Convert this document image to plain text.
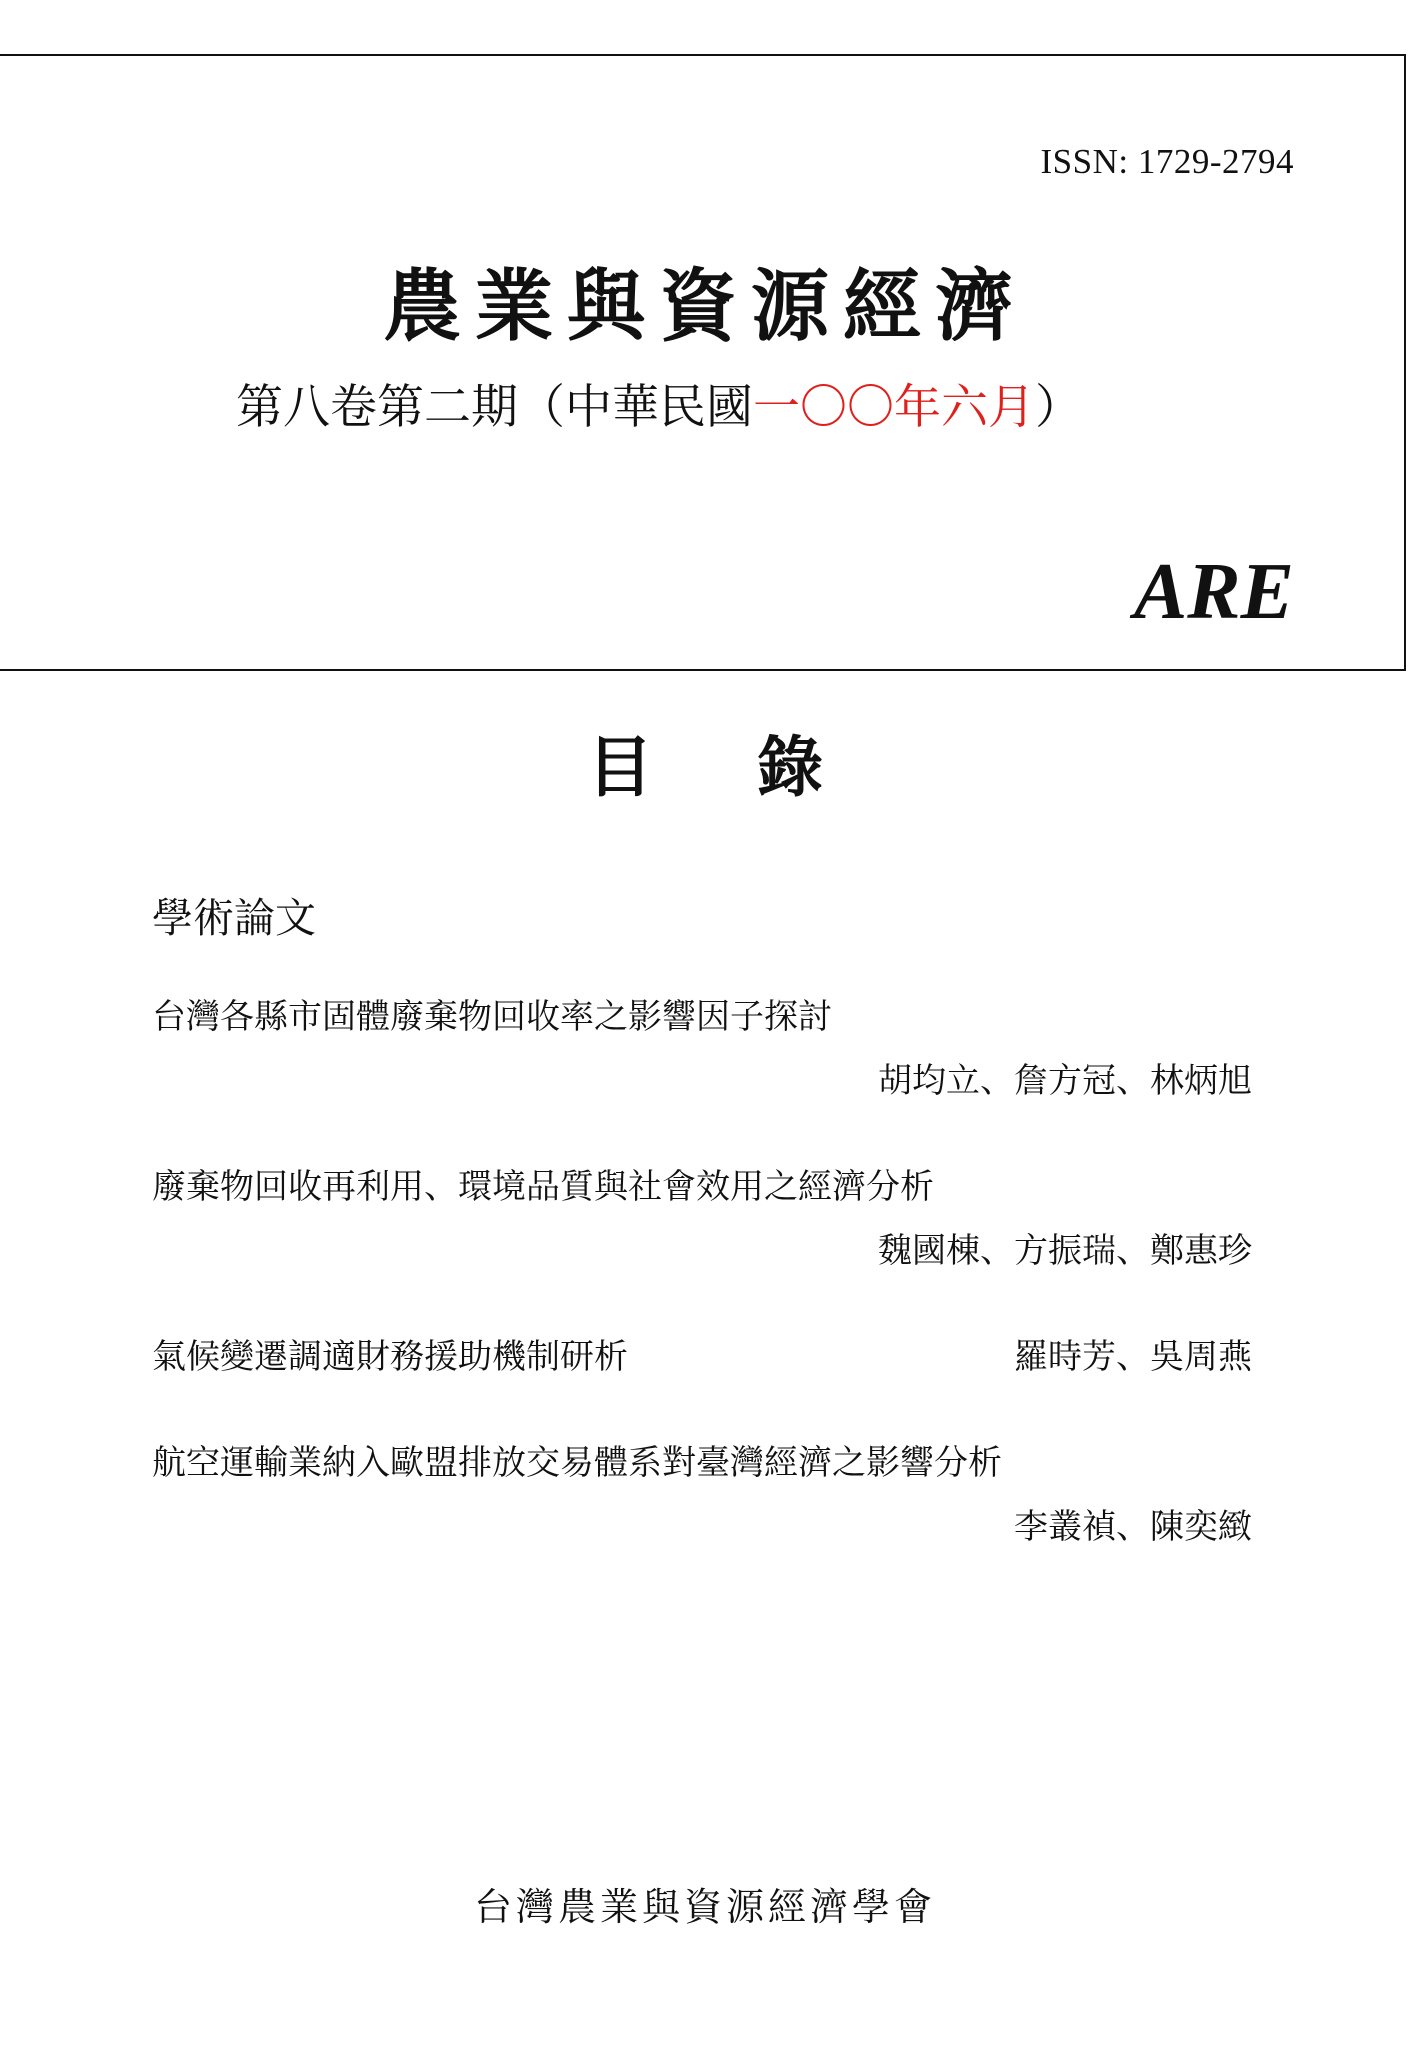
ISSN: 1729-2794
農業與資源經濟
第八卷第二期（中華民國一〇〇年六月）
ARE
目 錄
學術論文
台灣各縣市固體廢棄物回收率之影響因子探討
胡均立、詹方冠、林炳旭
廢棄物回收再利用、環境品質與社會效用之經濟分析
魏國棟、方振瑞、鄭惠珍
氣候變遷調適財務援助機制研析	羅時芳、吳周燕
航空運輸業納入歐盟排放交易體系對臺灣經濟之影響分析
李叢禎、陳奕緻
台灣農業與資源經濟學會
